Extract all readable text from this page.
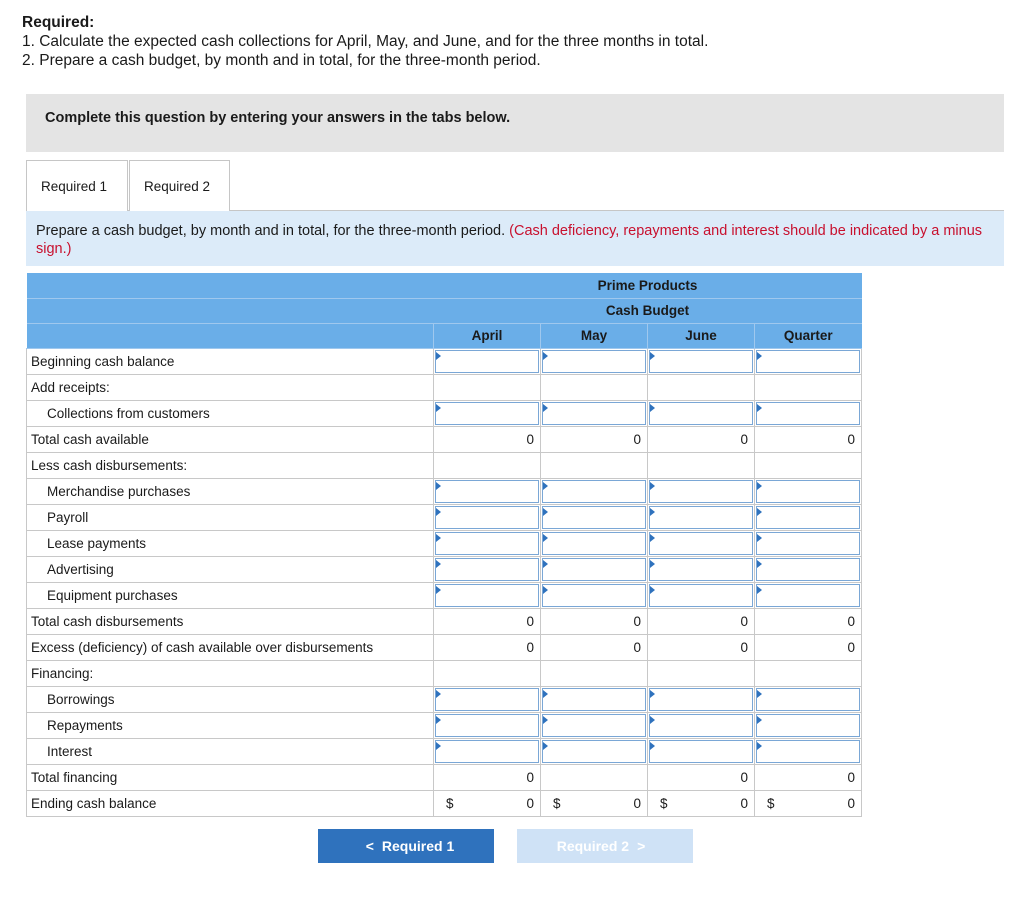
Required:
1. Calculate the expected cash collections for April, May, and June, and for the three months in total.
2. Prepare a cash budget, by month and in total, for the three-month period.
Complete this question by entering your answers in the tabs below.
Required 1	Required 2
Prepare a cash budget, by month and in total, for the three-month period. (Cash deficiency, repayments and interest should be indicated by a minus sign.)
	Prime Products			
	Cash Budget			
	April	May	June	Quarter
Beginning cash balance	

Add receipts:				
Collections from customers	

Total cash available	0	0	0	0

Less cash disbursements:				
Merchandise purchases	

Payroll	

Lease payments	

Advertising	

Equipment purchases	

Total cash disbursements	0	0	0	0

Excess (deficiency) of cash available over disbursements	0	0	0	0

Financing:				
Borrowings	

Repayments	

Interest	

Total financing	0		0	0

Ending cash balance	$ 0	$ 0	$ 0	$ 0
< Required 1	Required 2 >
